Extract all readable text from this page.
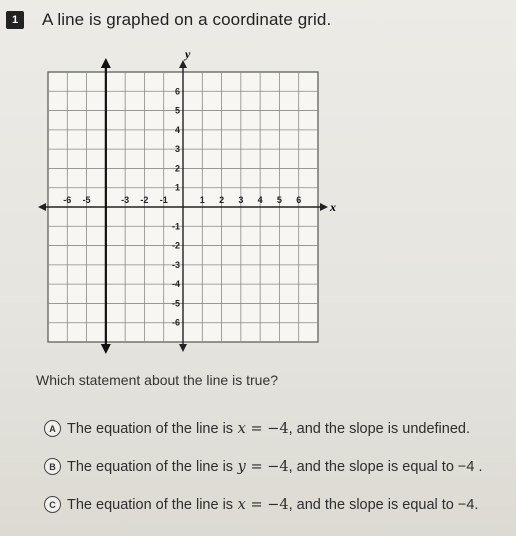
1	A line is graphed on a coordinate grid.
x
y
-6 -5	-3 -2 -1	1 2 3 4 5 6
6
5
4
3
2
1
-1
-2
-3
-4
-5
-6
Which statement about the line is true?
A The equation of the line is x = −4 , and the slope is undefined.
B The equation of the line is y = −4 , and the slope is equal to −4 .
C The equation of the line is x = −4 , and the slope is equal to −4.
